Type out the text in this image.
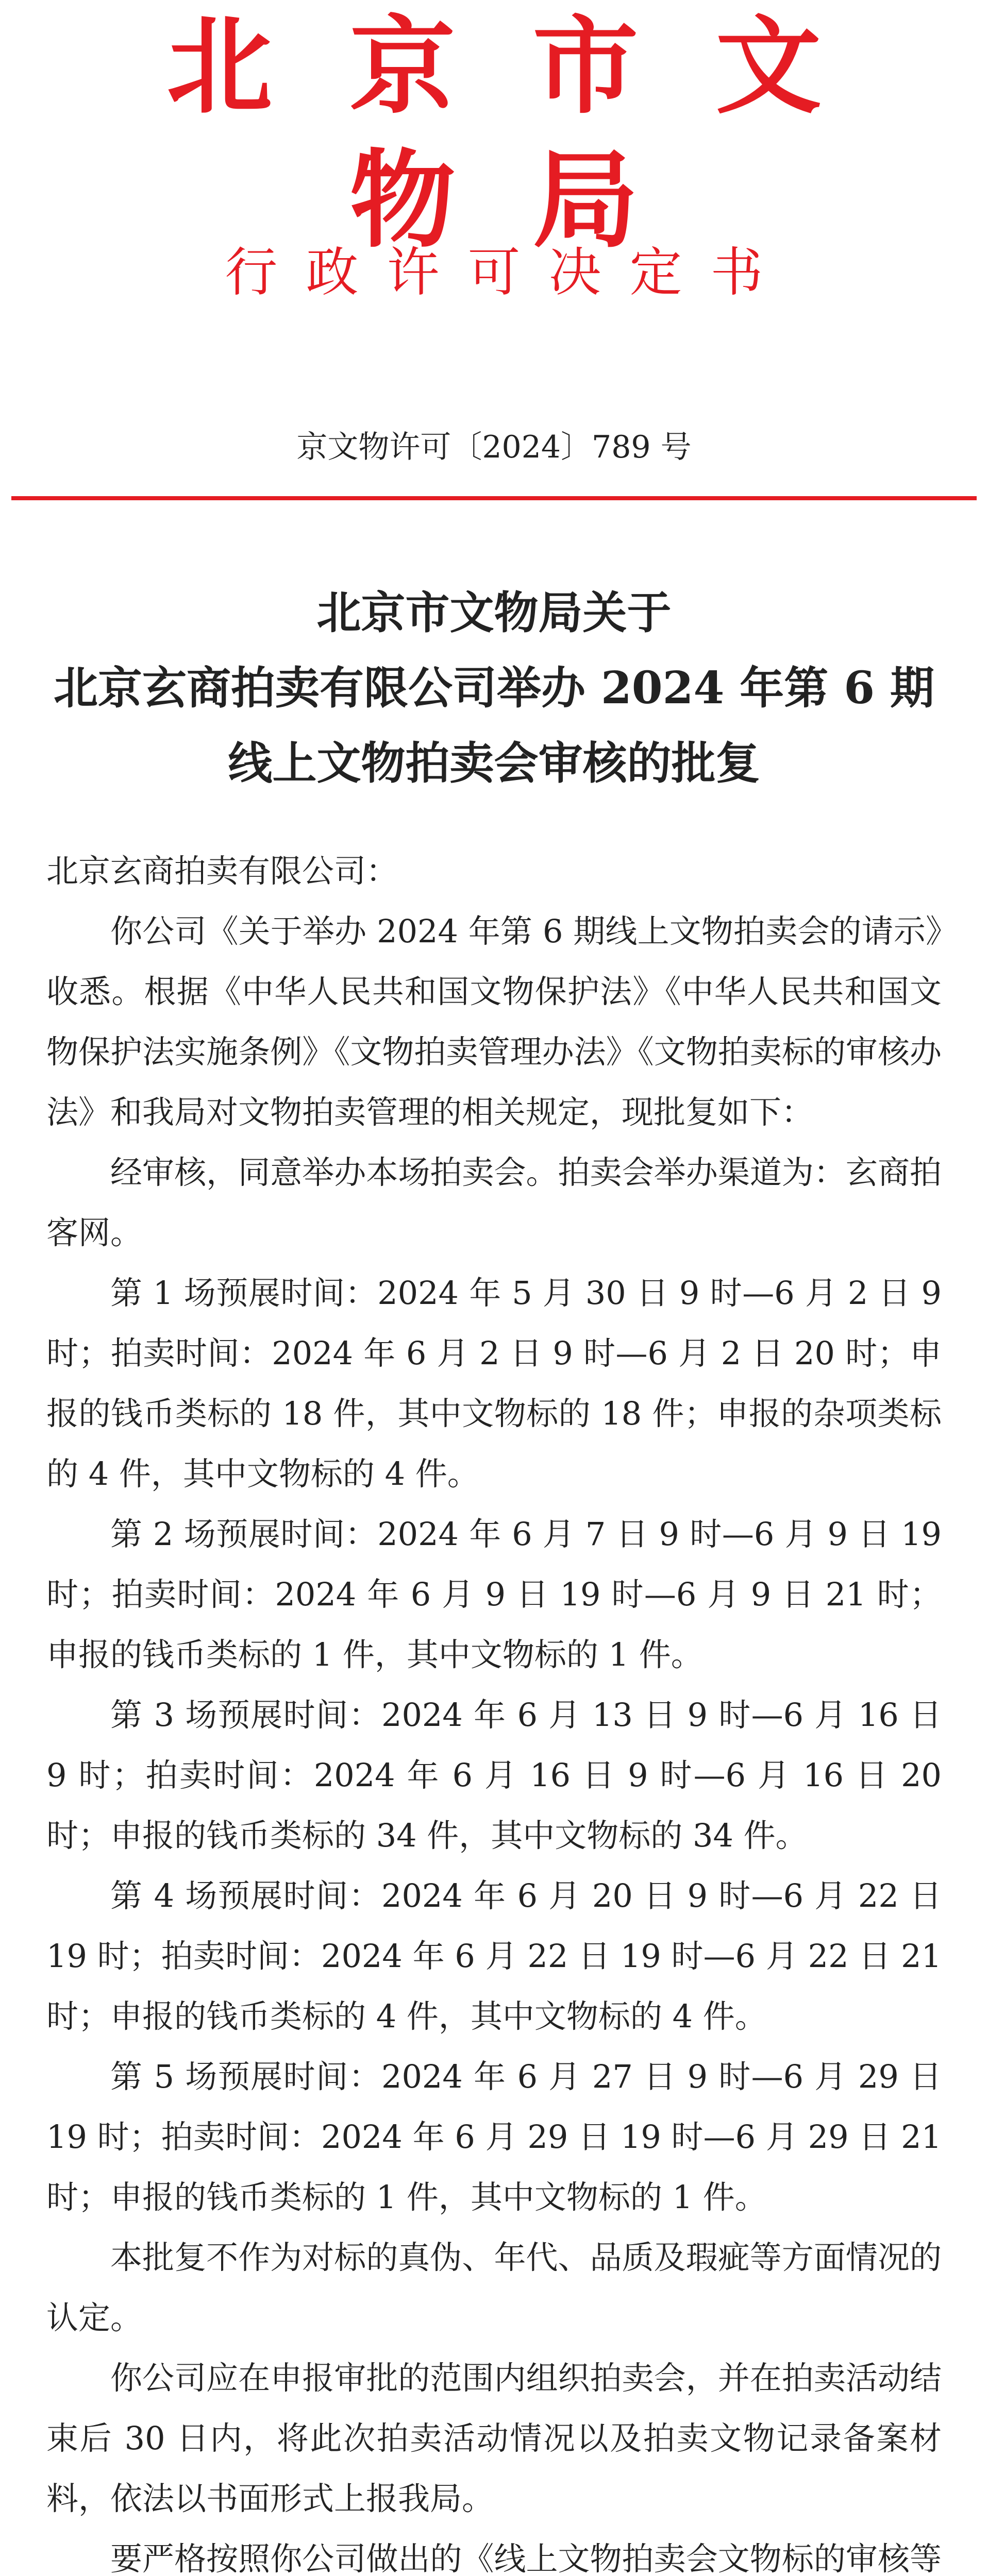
北京市文物局
行政许可决定书
京文物许可〔2024〕789 号
北京市文物局关于
北京玄商拍卖有限公司举办 2024 年第 6 期
线上文物拍卖会审核的批复

北京玄商拍卖有限公司：

你公司《关于举办 2024 年第 6 期线上文物拍卖会的请示》收悉。根据《中华人民共和国文物保护法》《中华人民共和国文物保护法实施条例》《文物拍卖管理办法》《文物拍卖标的审核办法》和我局对文物拍卖管理的相关规定，现批复如下：

经审核，同意举办本场拍卖会。拍卖会举办渠道为：玄商拍客网。

第 1 场预展时间：2024 年 5 月 30 日 9 时—6 月 2 日 9 时；拍卖时间：2024 年 6 月 2 日 9 时—6 月 2 日 20 时；申报的钱币类标的 18 件，其中文物标的 18 件；申报的杂项类标的 4 件，其中文物标的 4 件。

第 2 场预展时间：2024 年 6 月 7 日 9 时—6 月 9 日 19 时；拍卖时间：2024 年 6 月 9 日 19 时—6 月 9 日 21 时；申报的钱币类标的 1 件，其中文物标的 1 件。

第 3 场预展时间：2024 年 6 月 13 日 9 时—6 月 16 日 9 时；拍卖时间：2024 年 6 月 16 日 9 时—6 月 16 日 20 时；申报的钱币类标的 34 件，其中文物标的 34 件。

第 4 场预展时间：2024 年 6 月 20 日 9 时—6 月 22 日 19 时；拍卖时间：2024 年 6 月 22 日 19 时—6 月 22 日 21 时；申报的钱币类标的 4 件，其中文物标的 4 件。

第 5 场预展时间：2024 年 6 月 27 日 9 时—6 月 29 日 19 时；拍卖时间：2024 年 6 月 29 日 19 时—6 月 29 日 21 时；申报的钱币类标的 1 件，其中文物标的 1 件。

本批复不作为对标的真伪、年代、品质及瑕疵等方面情况的认定。

你公司应在申报审批的范围内组织拍卖会，并在拍卖活动结束后 30 日内，将此次拍卖活动情况以及拍卖文物记录备案材料，依法以书面形式上报我局。

要严格按照你公司做出的《线上文物拍卖会文物标的审核等
